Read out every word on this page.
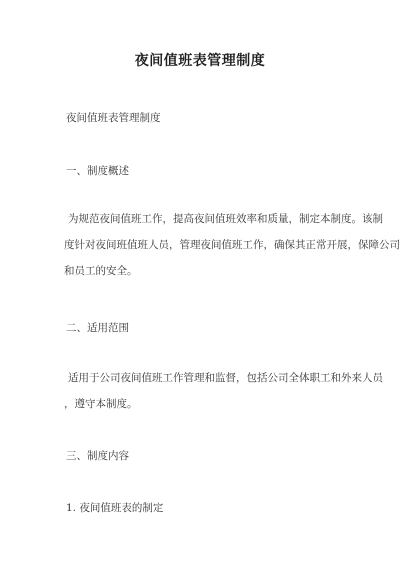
夜间值班表管理制度
夜间值班表管理制度
一、制度概述
为规范夜间值班工作，提高夜间值班效率和质量，制定本制度。该制
度针对夜间班值班人员，管理夜间值班工作，确保其正常开展，保障公司
和员工的安全。
二、适用范围
适用于公司夜间值班工作管理和监督，包括公司全体职工和外来人员
，遵守本制度。
三、制度内容
1. 夜间值班表的制定
